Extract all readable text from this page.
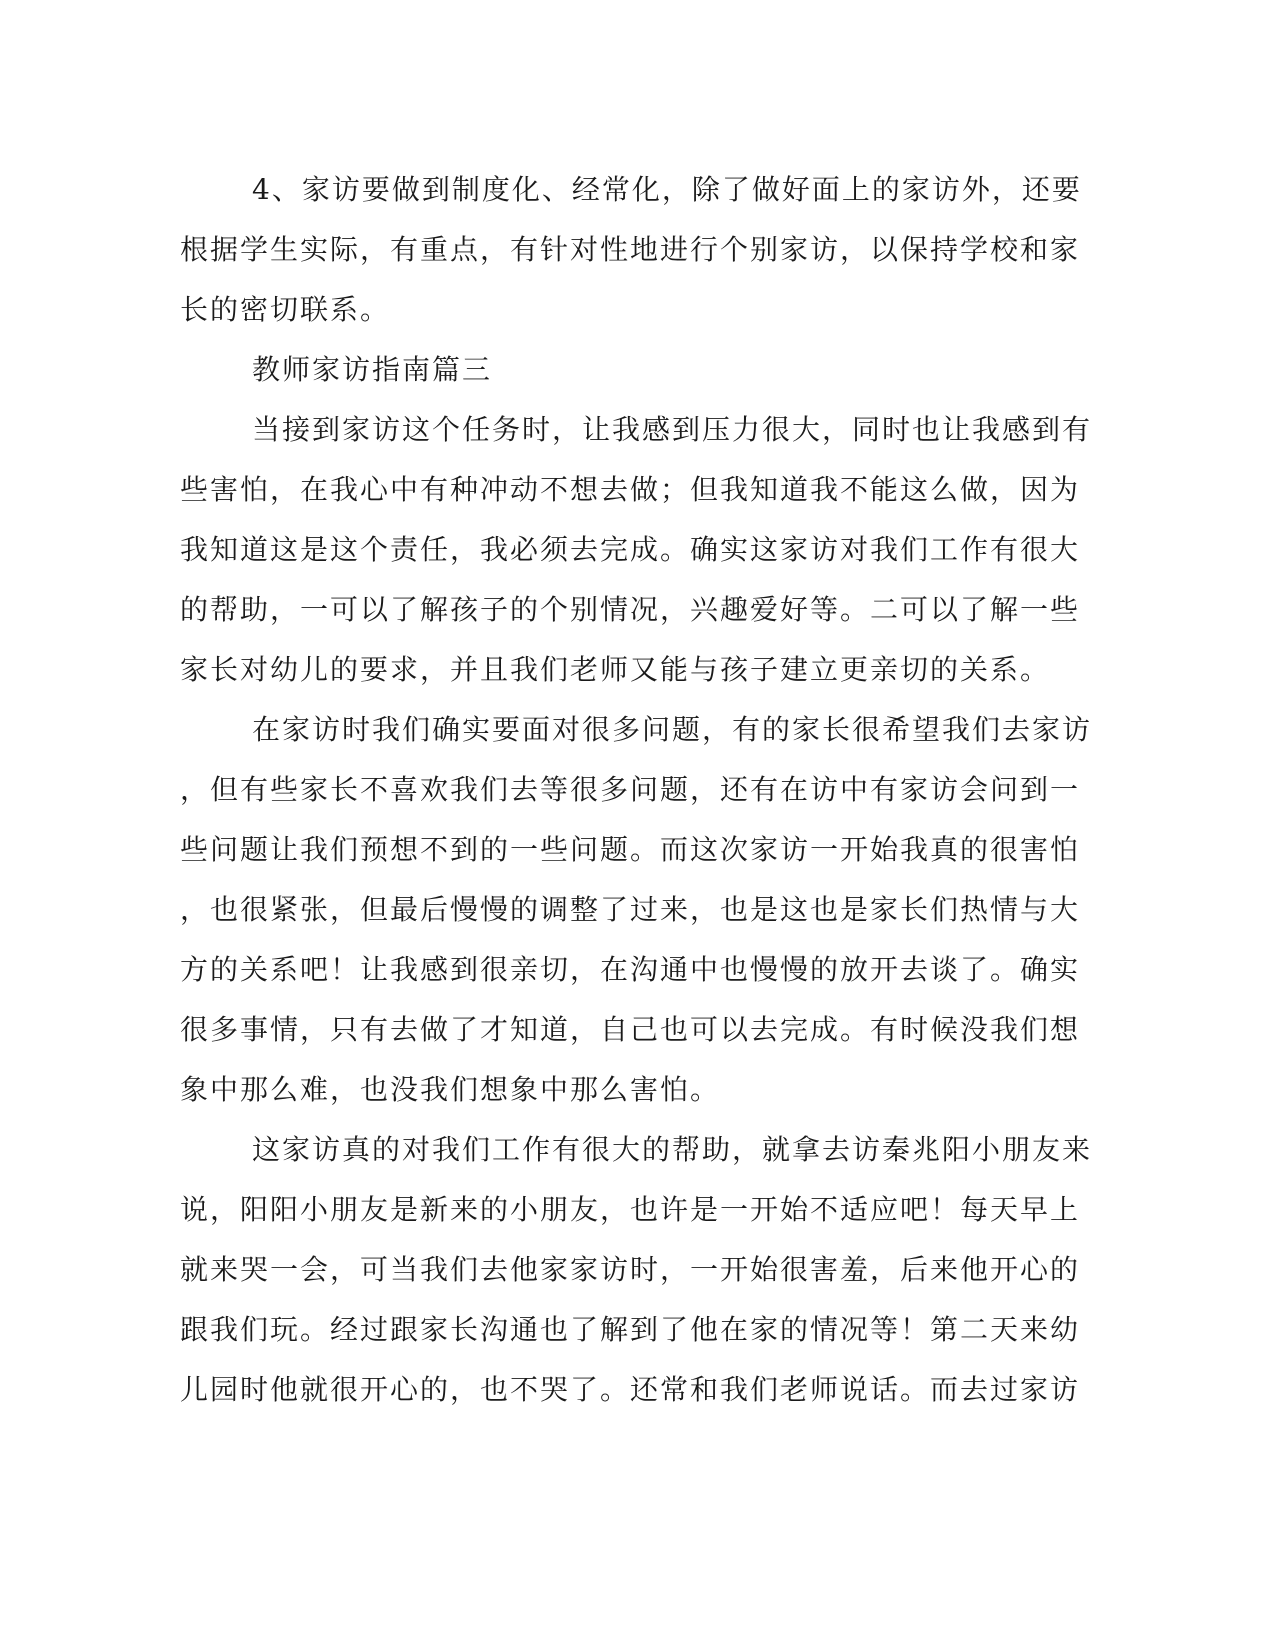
4、家访要做到制度化、经常化，除了做好面上的家访外，还要
根据学生实际，有重点，有针对性地进行个别家访，以保持学校和家
长的密切联系。
教师家访指南篇三
当接到家访这个任务时，让我感到压力很大，同时也让我感到有
些害怕，在我心中有种冲动不想去做；但我知道我不能这么做，因为
我知道这是这个责任，我必须去完成。确实这家访对我们工作有很大
的帮助，一可以了解孩子的个别情况，兴趣爱好等。二可以了解一些
家长对幼儿的要求，并且我们老师又能与孩子建立更亲切的关系。
在家访时我们确实要面对很多问题，有的家长很希望我们去家访
，但有些家长不喜欢我们去等很多问题，还有在访中有家访会问到一
些问题让我们预想不到的一些问题。而这次家访一开始我真的很害怕
，也很紧张，但最后慢慢的调整了过来，也是这也是家长们热情与大
方的关系吧！让我感到很亲切，在沟通中也慢慢的放开去谈了。确实
很多事情，只有去做了才知道，自己也可以去完成。有时候没我们想
象中那么难，也没我们想象中那么害怕。
这家访真的对我们工作有很大的帮助，就拿去访秦兆阳小朋友来
说，阳阳小朋友是新来的小朋友，也许是一开始不适应吧！每天早上
就来哭一会，可当我们去他家家访时，一开始很害羞，后来他开心的
跟我们玩。经过跟家长沟通也了解到了他在家的情况等！第二天来幼
儿园时他就很开心的，也不哭了。还常和我们老师说话。而去过家访
